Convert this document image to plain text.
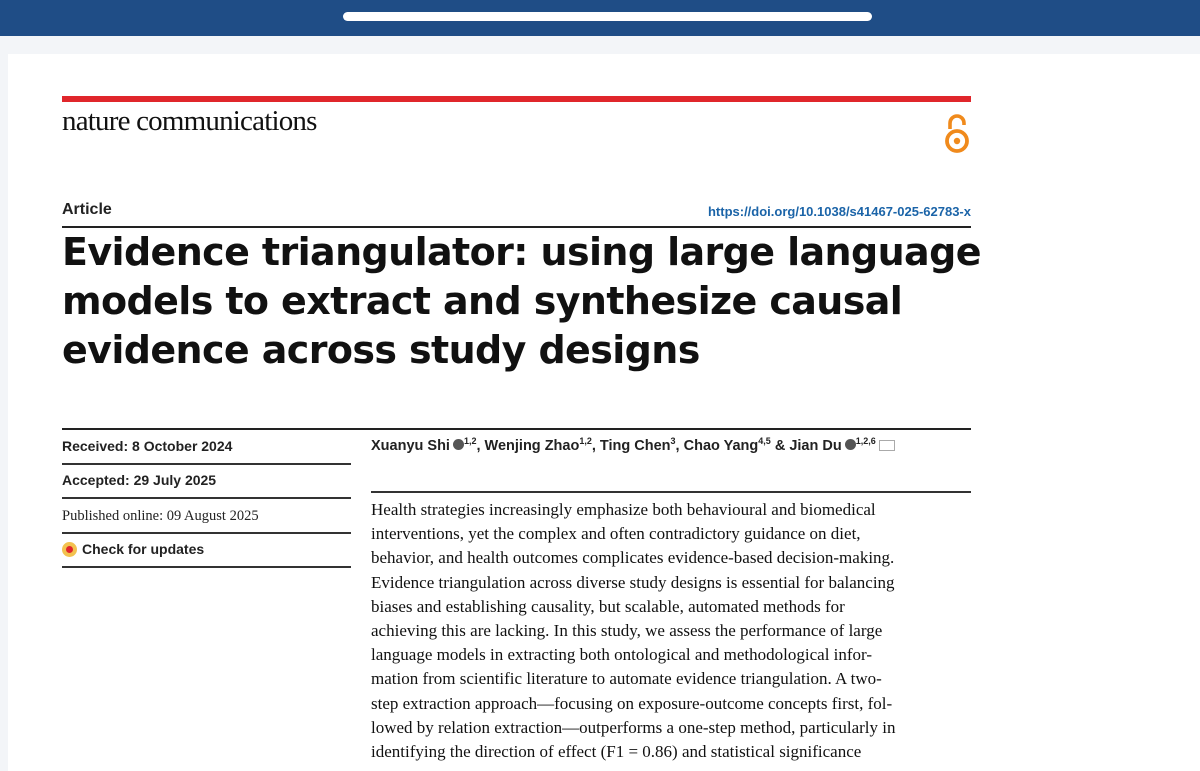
nature communications
Article	https://doi.org/10.1038/s41467-025-62783-x
Evidence triangulator: using large language
models to extract and synthesize causal
evidence across study designs
Received: 8 October 2024
Accepted: 29 July 2025
Published online: 09 August 2025
Check for updates
Xuanyu Shi $^{1,2}$, Wenjing Zhao$^{1,2}$, Ting Chen$^3$, Chao Yang$^{4,5}$ & Jian Du $^{1,2,6}$

Health strategies increasingly emphasize both behavioural and biomedical
interventions, yet the complex and often contradictory guidance on diet,
behavior, and health outcomes complicates evidence-based decision-making.
Evidence triangulation across diverse study designs is essential for balancing
biases and establishing causality, but scalable, automated methods for
achieving this are lacking. In this study, we assess the performance of large
language models in extracting both ontological and methodological infor-
mation from scientific literature to automate evidence triangulation. A two-
step extraction approach—focusing on exposure-outcome concepts first, fol-
lowed by relation extraction—outperforms a one-step method, particularly in
identifying the direction of effect (F1 = 0.86) and statistical significance
